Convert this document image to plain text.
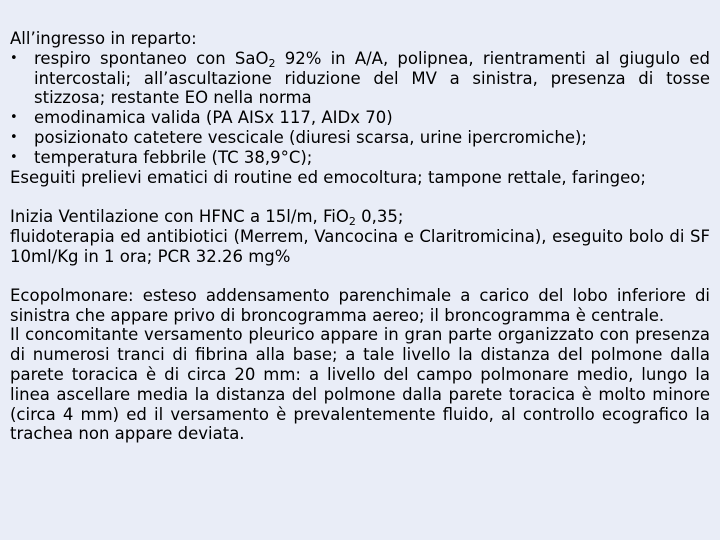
All’ingresso in reparto:

• respiro spontaneo con SaO$_2$ 92% in A/A, polipnea, rientramenti al giugulo ed intercostali; all’ascultazione riduzione del MV a sinistra, presenza di tosse stizzosa; restante EO nella norma
• emodinamica valida (PA AISx 117, AIDx 70)
• posizionato catetere vescicale (diuresi scarsa, urine ipercromiche);
• temperatura febbrile (TC 38,9°C);

Eseguiti prelievi ematici di routine ed emocoltura; tampone rettale, faringeo;

Inizia Ventilazione con HFNC a 15l/m, FiO$_2$ 0,35;
fluidoterapia ed antibiotici (Merrem, Vancocina e Claritromicina), eseguito bolo di SF 10ml/Kg in 1 ora; PCR 32.26 mg%

Ecopolmonare: esteso addensamento parenchimale a carico del lobo inferiore di sinistra che appare privo di broncogramma aereo; il broncogramma è centrale.

Il concomitante versamento pleurico appare in gran parte organizzato con presenza di numerosi tranci di fibrina alla base; a tale livello la distanza del polmone dalla parete toracica è di circa 20 mm: a livello del campo polmonare medio, lungo la linea ascellare media la distanza del polmone dalla parete toracica è molto minore (circa 4 mm) ed il versamento è prevalentemente fluido, al controllo ecografico la trachea non appare deviata.
